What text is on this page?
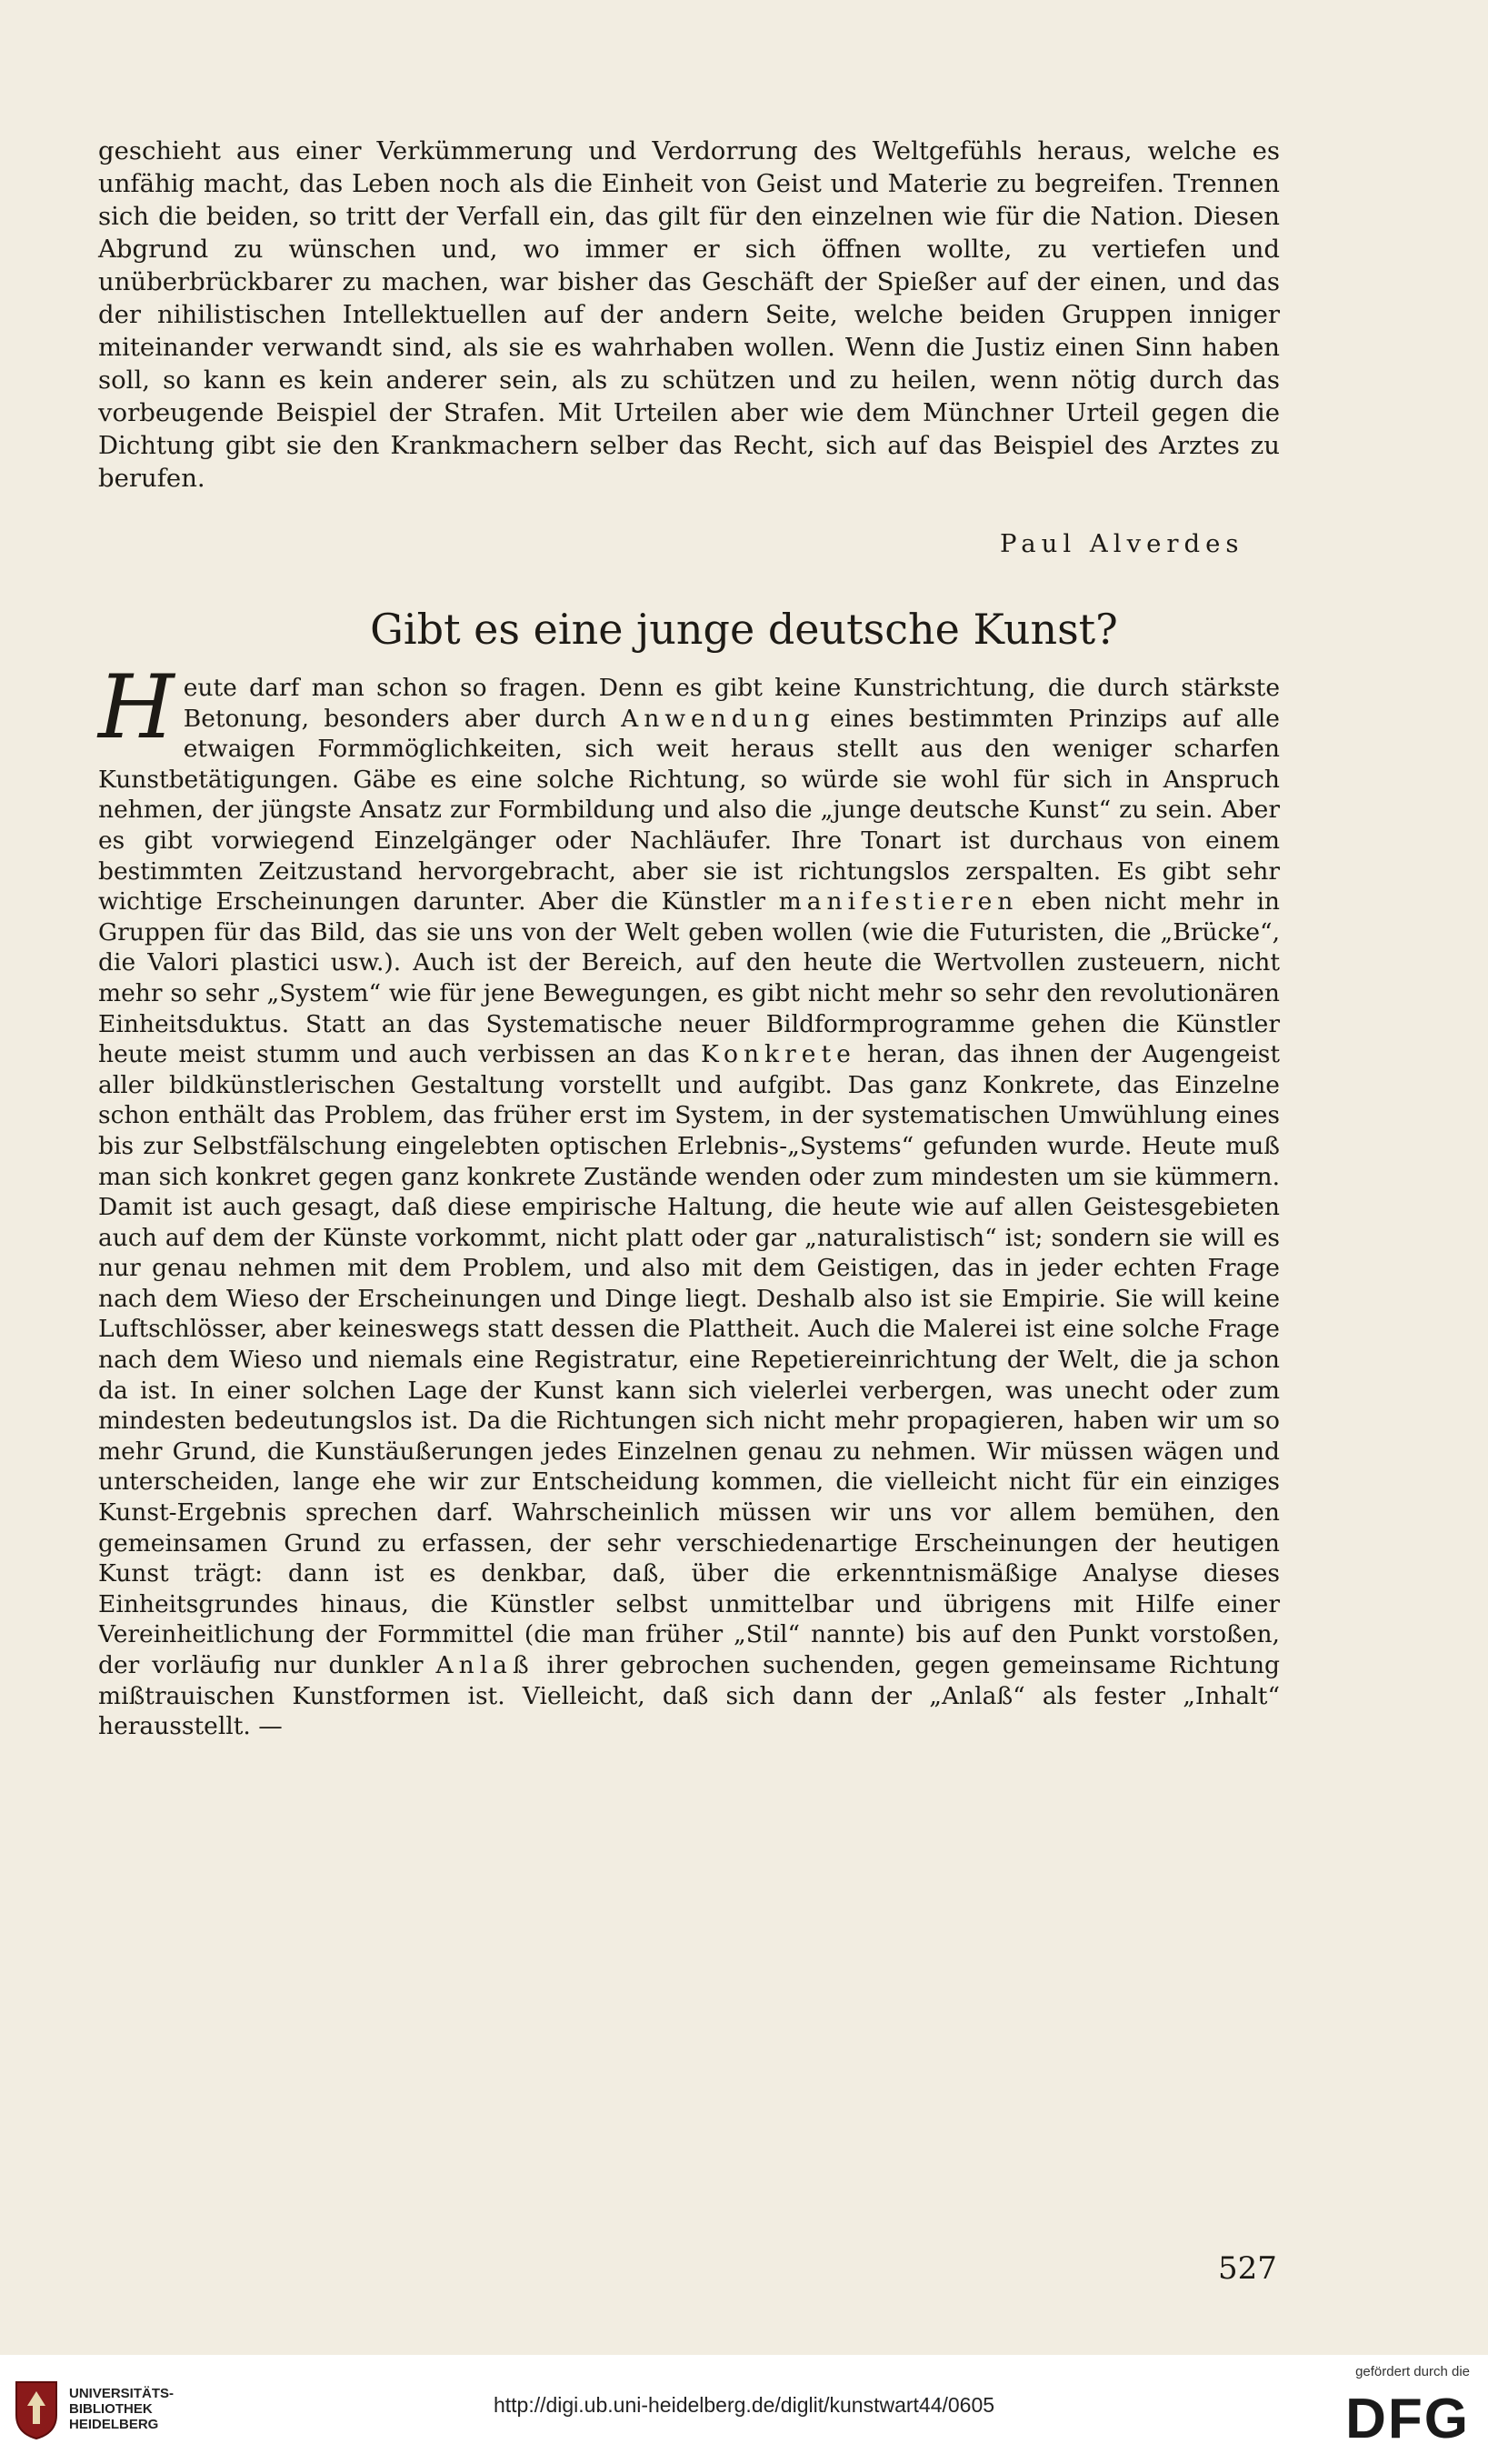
geschieht aus einer Verkümmerung und Verdorrung des Weltgefühls heraus, welche es unfähig macht, das Leben noch als die Einheit von Geist und Materie zu begreifen. Trennen sich die beiden, so tritt der Verfall ein, das gilt für den einzelnen wie für die Nation. Diesen Abgrund zu wünschen und, wo immer er sich öffnen wollte, zu vertiefen und unüberbrückbarer zu machen, war bisher das Geschäft der Spießer auf der einen, und das der nihilistischen Intellektuellen auf der andern Seite, welche beiden Gruppen inniger miteinander verwandt sind, als sie es wahrhaben wollen. Wenn die Justiz einen Sinn haben soll, so kann es kein anderer sein, als zu schützen und zu heilen, wenn nötig durch das vorbeugende Beispiel der Strafen. Mit Urteilen aber wie dem Münchner Urteil gegen die Dichtung gibt sie den Krankmachern selber das Recht, sich auf das Beispiel des Arztes zu berufen.

Paul Alverdes
Gibt es eine junge deutsche Kunst?

Heute darf man schon so fragen. Denn es gibt keine Kunstrichtung, die durch stärkste Betonung, besonders aber durch Anwendung eines bestimmten Prinzips auf alle etwaigen Formmöglichkeiten, sich weit heraus stellt aus den weniger scharfen Kunstbetätigungen. Gäbe es eine solche Richtung, so würde sie wohl für sich in Anspruch nehmen, der jüngste Ansatz zur Formbildung und also die „junge deutsche Kunst“ zu sein. Aber es gibt vorwiegend Einzelgänger oder Nachläufer. Ihre Tonart ist durchaus von einem bestimmten Zeitzustand hervorgebracht, aber sie ist richtungslos zerspalten. Es gibt sehr wichtige Erscheinungen darunter. Aber die Künstler manifestieren eben nicht mehr in Gruppen für das Bild, das sie uns von der Welt geben wollen (wie die Futuristen, die „Brücke“, die Valori plastici usw.). Auch ist der Bereich, auf den heute die Wertvollen zusteuern, nicht mehr so sehr „System“ wie für jene Bewegungen, es gibt nicht mehr so sehr den revolutionären Einheitsduktus. Statt an das Systematische neuer Bildformprogramme gehen die Künstler heute meist stumm und auch verbissen an das Konkrete heran, das ihnen der Augengeist aller bildkünstlerischen Gestaltung vorstellt und aufgibt. Das ganz Konkrete, das Einzelne schon enthält das Problem, das früher erst im System, in der systematischen Umwühlung eines bis zur Selbstfälschung eingelebten optischen Erlebnis-„Systems“ gefunden wurde. Heute muß man sich konkret gegen ganz konkrete Zustände wenden oder zum mindesten um sie kümmern. Damit ist auch gesagt, daß diese empirische Haltung, die heute wie auf allen Geistesgebieten auch auf dem der Künste vorkommt, nicht platt oder gar „naturalistisch“ ist; sondern sie will es nur genau nehmen mit dem Problem, und also mit dem Geistigen, das in jeder echten Frage nach dem Wieso der Erscheinungen und Dinge liegt. Deshalb also ist sie Empirie. Sie will keine Luftschlösser, aber keineswegs statt dessen die Plattheit. Auch die Malerei ist eine solche Frage nach dem Wieso und niemals eine Registratur, eine Repetiereinrichtung der Welt, die ja schon da ist. In einer solchen Lage der Kunst kann sich vielerlei verbergen, was unecht oder zum mindesten bedeutungslos ist. Da die Richtungen sich nicht mehr propagieren, haben wir um so mehr Grund, die Kunstäußerungen jedes Einzelnen genau zu nehmen. Wir müssen wägen und unterscheiden, lange ehe wir zur Entscheidung kommen, die vielleicht nicht für ein einziges Kunst-Ergebnis sprechen darf. Wahrscheinlich müssen wir uns vor allem bemühen, den gemeinsamen Grund zu erfassen, der sehr verschiedenartige Erscheinungen der heutigen Kunst trägt: dann ist es denkbar, daß, über die erkenntnismäßige Analyse dieses Einheitsgrundes hinaus, die Künstler selbst unmittelbar und übrigens mit Hilfe einer Vereinheitlichung der Formmittel (die man früher „Stil“ nannte) bis auf den Punkt vorstoßen, der vorläufig nur dunkler Anlaß ihrer gebrochen suchenden, gegen gemeinsame Richtung mißtrauischen Kunstformen ist. Vielleicht, daß sich dann der „Anlaß“ als fester „Inhalt“ herausstellt. —

527
UNIVERSITÄTS-
BIBLIOTHEK
HEIDELBERG
http://digi.ub.uni-heidelberg.de/diglit/kunstwart44/0605
gefördert durch die
DFG
